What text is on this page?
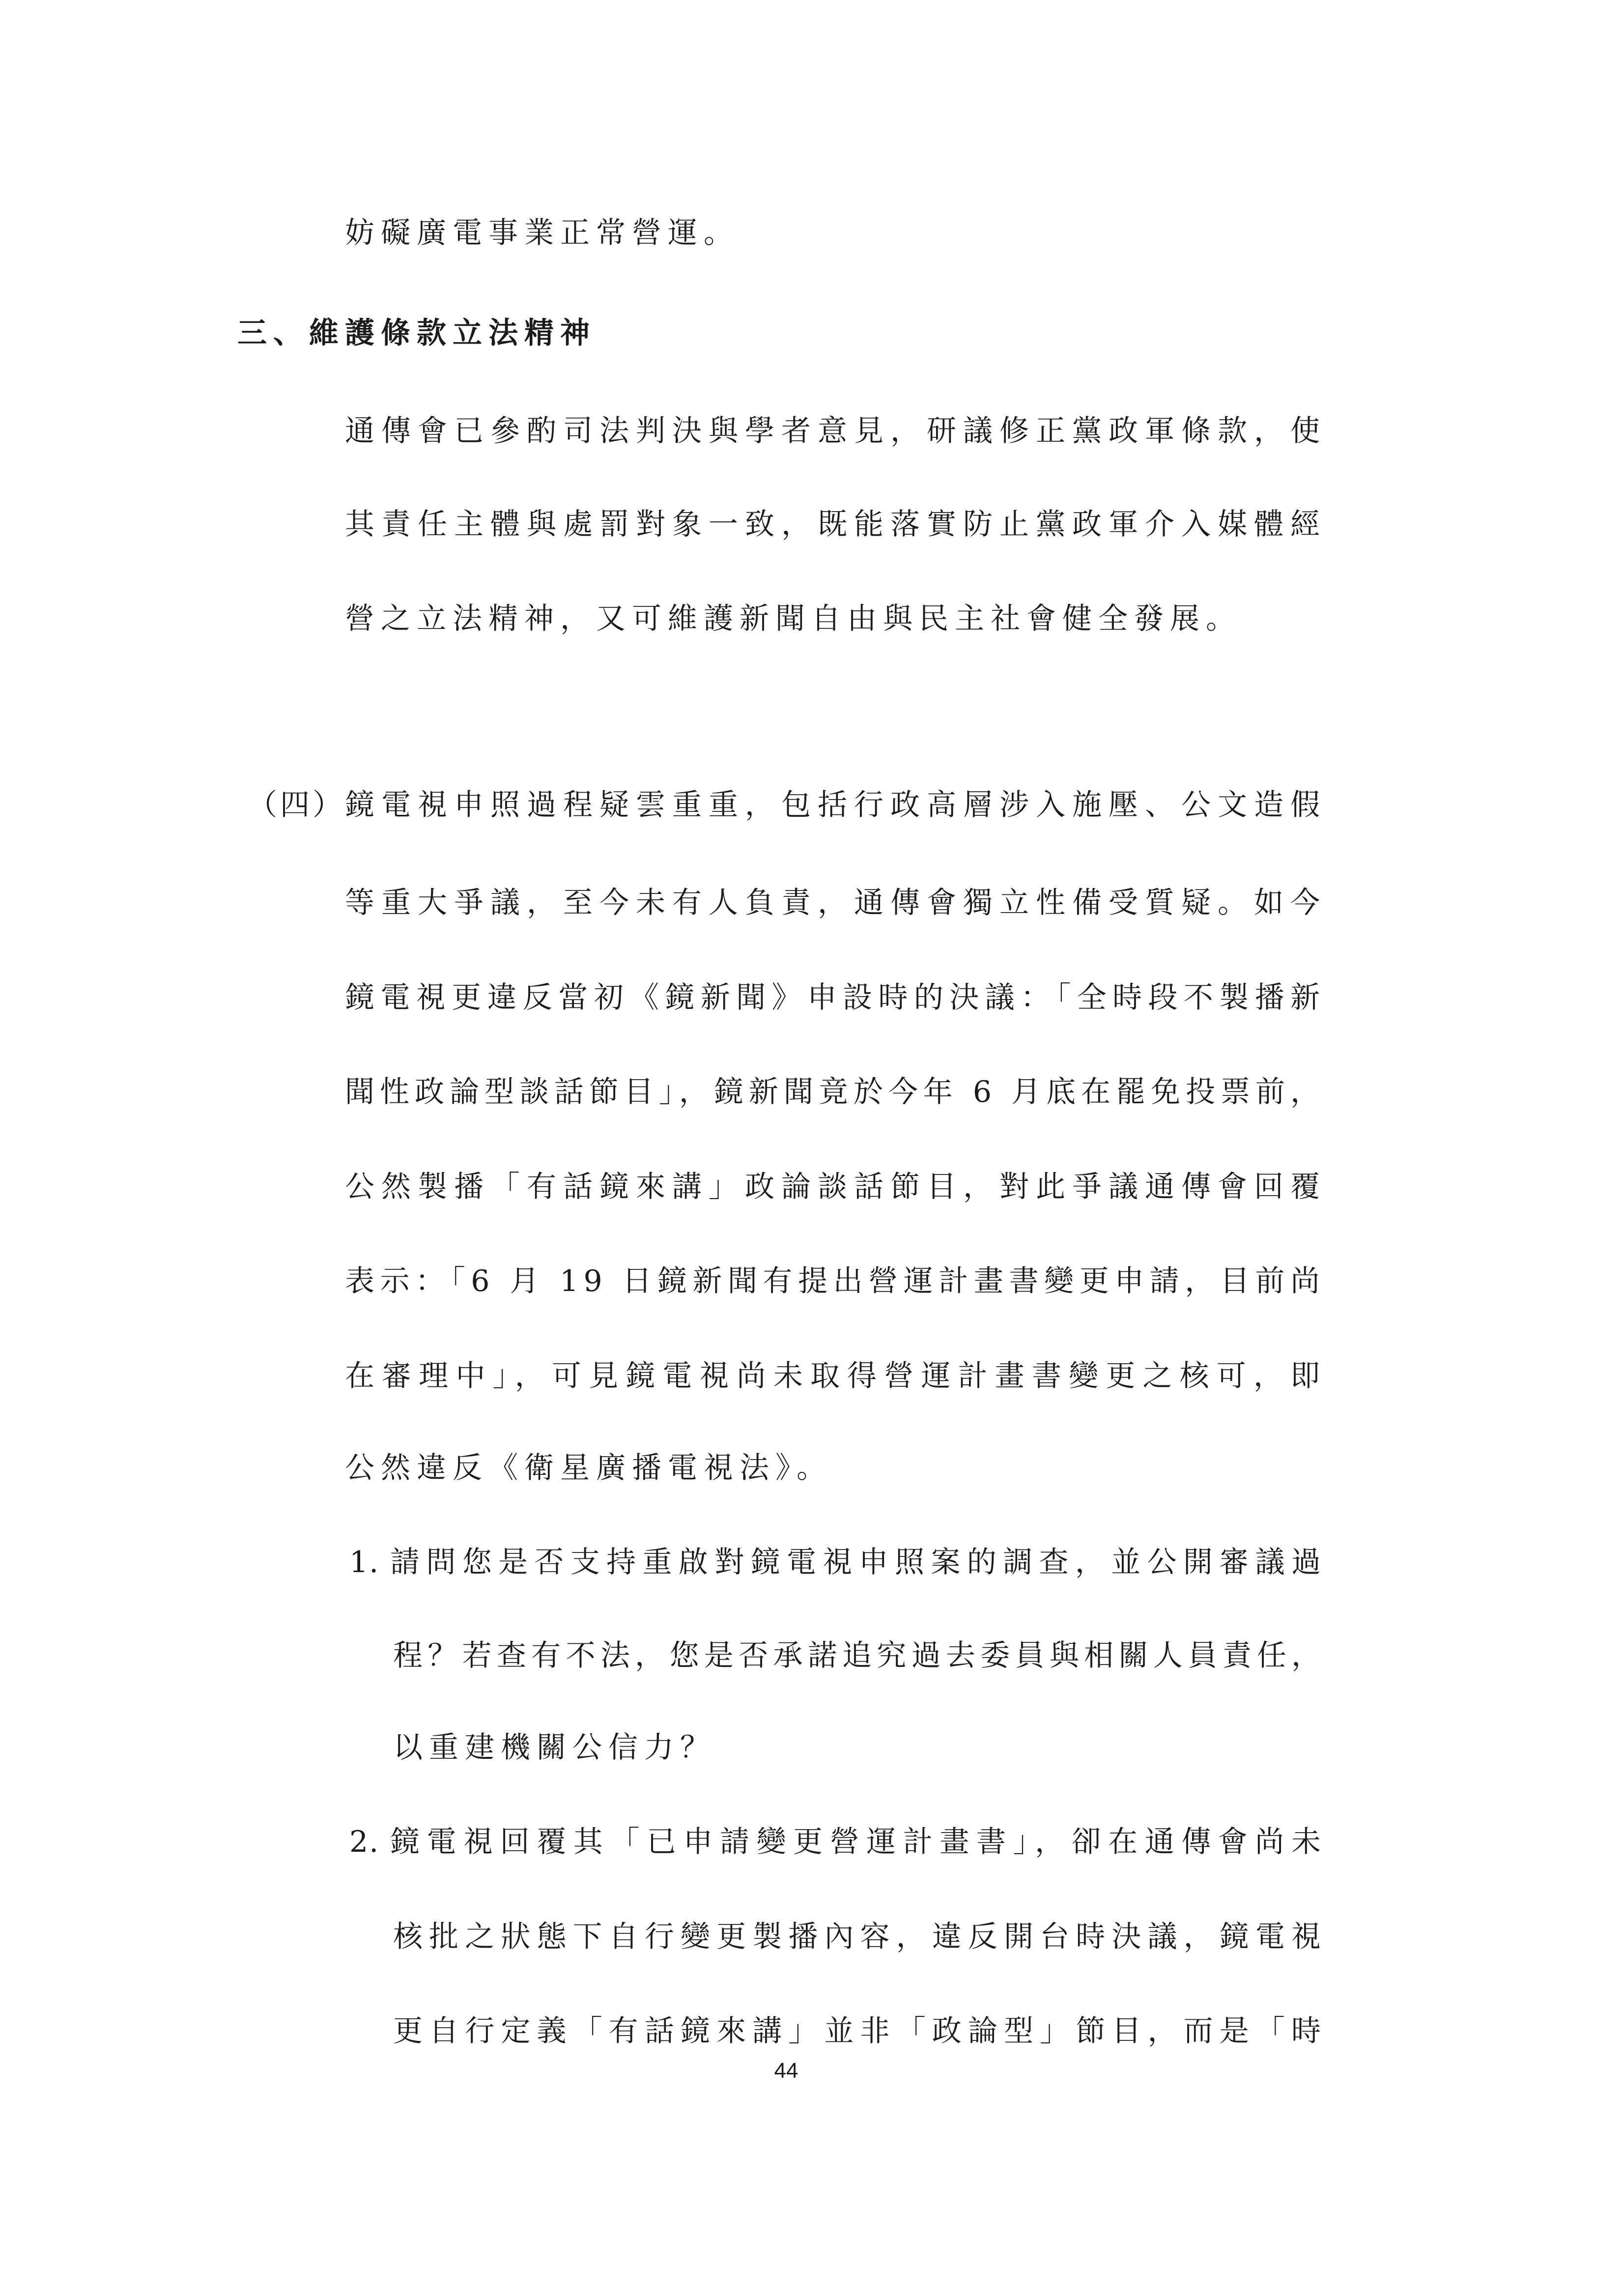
妨礙廣電事業正常營運。
三、維護條款立法精神
通傳會已參酌司法判決與學者意見，研議修正黨政軍條款，使
其責任主體與處罰對象一致，既能落實防止黨政軍介入媒體經
營之立法精神，又可維護新聞自由與民主社會健全發展。
（四） 鏡電視申照過程疑雲重重，包括行政高層涉入施壓、公文造假
等重大爭議，至今未有人負責，通傳會獨立性備受質疑。如今
鏡電視更違反當初《鏡新聞》申設時的決議：「全時段不製播新
聞性政論型談話節目」，鏡新聞竟於今年 6 月底在罷免投票前，
公然製播「有話鏡來講」政論談話節目，對此爭議通傳會回覆
表示：「6 月 19 日鏡新聞有提出營運計畫書變更申請，目前尚
在審理中」，可見鏡電視尚未取得營運計畫書變更之核可，即
公然違反《衛星廣播電視法》。
1. 請問您是否支持重啟對鏡電視申照案的調查，並公開審議過
程？若查有不法，您是否承諾追究過去委員與相關人員責任，
以重建機關公信力？
2. 鏡電視回覆其「已申請變更營運計畫書」，卻在通傳會尚未
核批之狀態下自行變更製播內容，違反開台時決議，鏡電視
更自行定義「有話鏡來講」並非「政論型」節目，而是「時
44
